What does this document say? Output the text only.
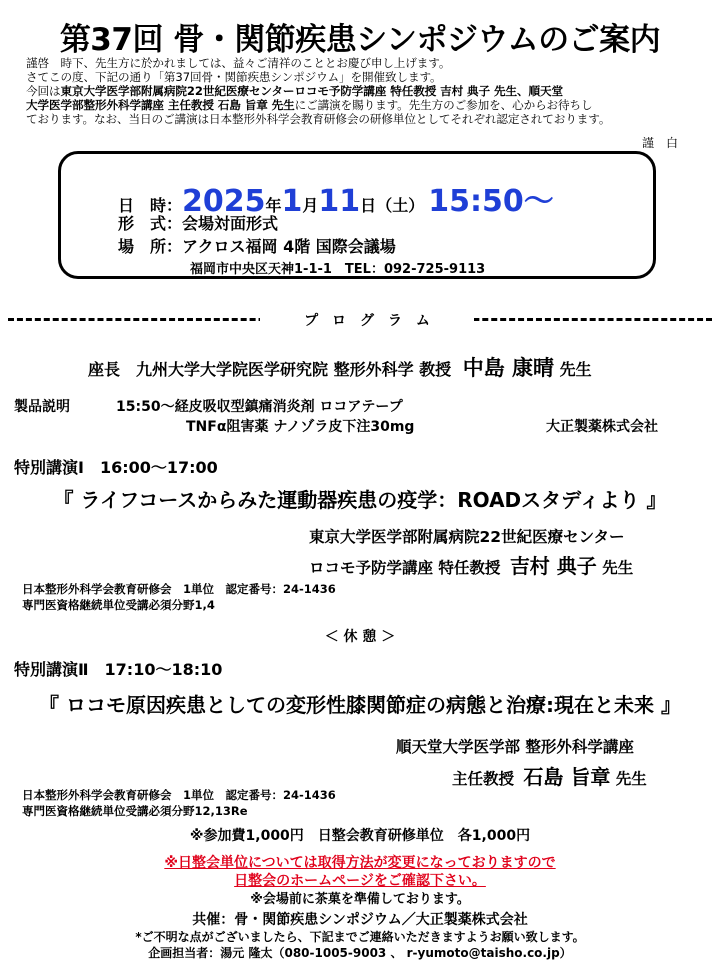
第37回 骨・関節疾患シンポジウムのご案内
謹啓　時下、先生方に於かれましては、益々ご清祥のこととお慶び申し上げます。
さてこの度、下記の通り「第37回骨・関節疾患シンポジウム」を開催致します。
今回は東京大学医学部附属病院22世紀医療センターロコモ予防学講座 特任教授 吉村 典子 先生、順天堂
大学医学部整形外科学講座 主任教授 石島 旨章 先生にご講演を賜ります。先生方のご参加を、心からお待ちし
ております。なお、当日のご講演は日本整形外科学会教育研修会の研修単位としてそれぞれ認定されております。
謹　白
日　時：2025年1月11日（土） 15:50～
形　式：会場対面形式
場　所：アクロス福岡 4階 国際会議場
福岡市中央区天神1-1-1　TEL：092-725-9113
プログラム
座長 九州大学大学院医学研究院 整形外科学 教授 中島 康晴 先生
製品説明	15:50～経皮吸収型鎮痛消炎剤 ロコアテープ
TNFα阻害薬 ナノゾラ皮下注30mg	大正製薬株式会社
特別講演Ⅰ　16:00～17:00
『 ライフコースからみた運動器疾患の疫学：ROADスタディより 』
東京大学医学部附属病院22世紀医療センター
ロコモ予防学講座 特任教授 吉村 典子 先生
日本整形外科学会教育研修会　1単位　認定番号：24-1436
専門医資格継続単位受講必須分野1,4
＜ 休 憩 ＞
特別講演Ⅱ　17:10～18:10
『 ロコモ原因疾患としての変形性膝関節症の病態と治療:現在と未来 』
順天堂大学医学部 整形外科学講座
主任教授 石島 旨章 先生
日本整形外科学会教育研修会　1単位　認定番号：24-1436
専門医資格継続単位受講必須分野12,13Re
※参加費1,000円　日整会教育研修単位　各1,000円
※日整会単位については取得方法が変更になっておりますので
日整会のホームページをご確認下さい。
※会場前に茶菓を準備しております。
共催：骨・関節疾患シンポジウム／大正製薬株式会社
*ご不明な点がございましたら、下記までご連絡いただきますようお願い致します。
企画担当者：湯元 隆太（080-1005-9003 、 r-yumoto@taisho.co.jp）
